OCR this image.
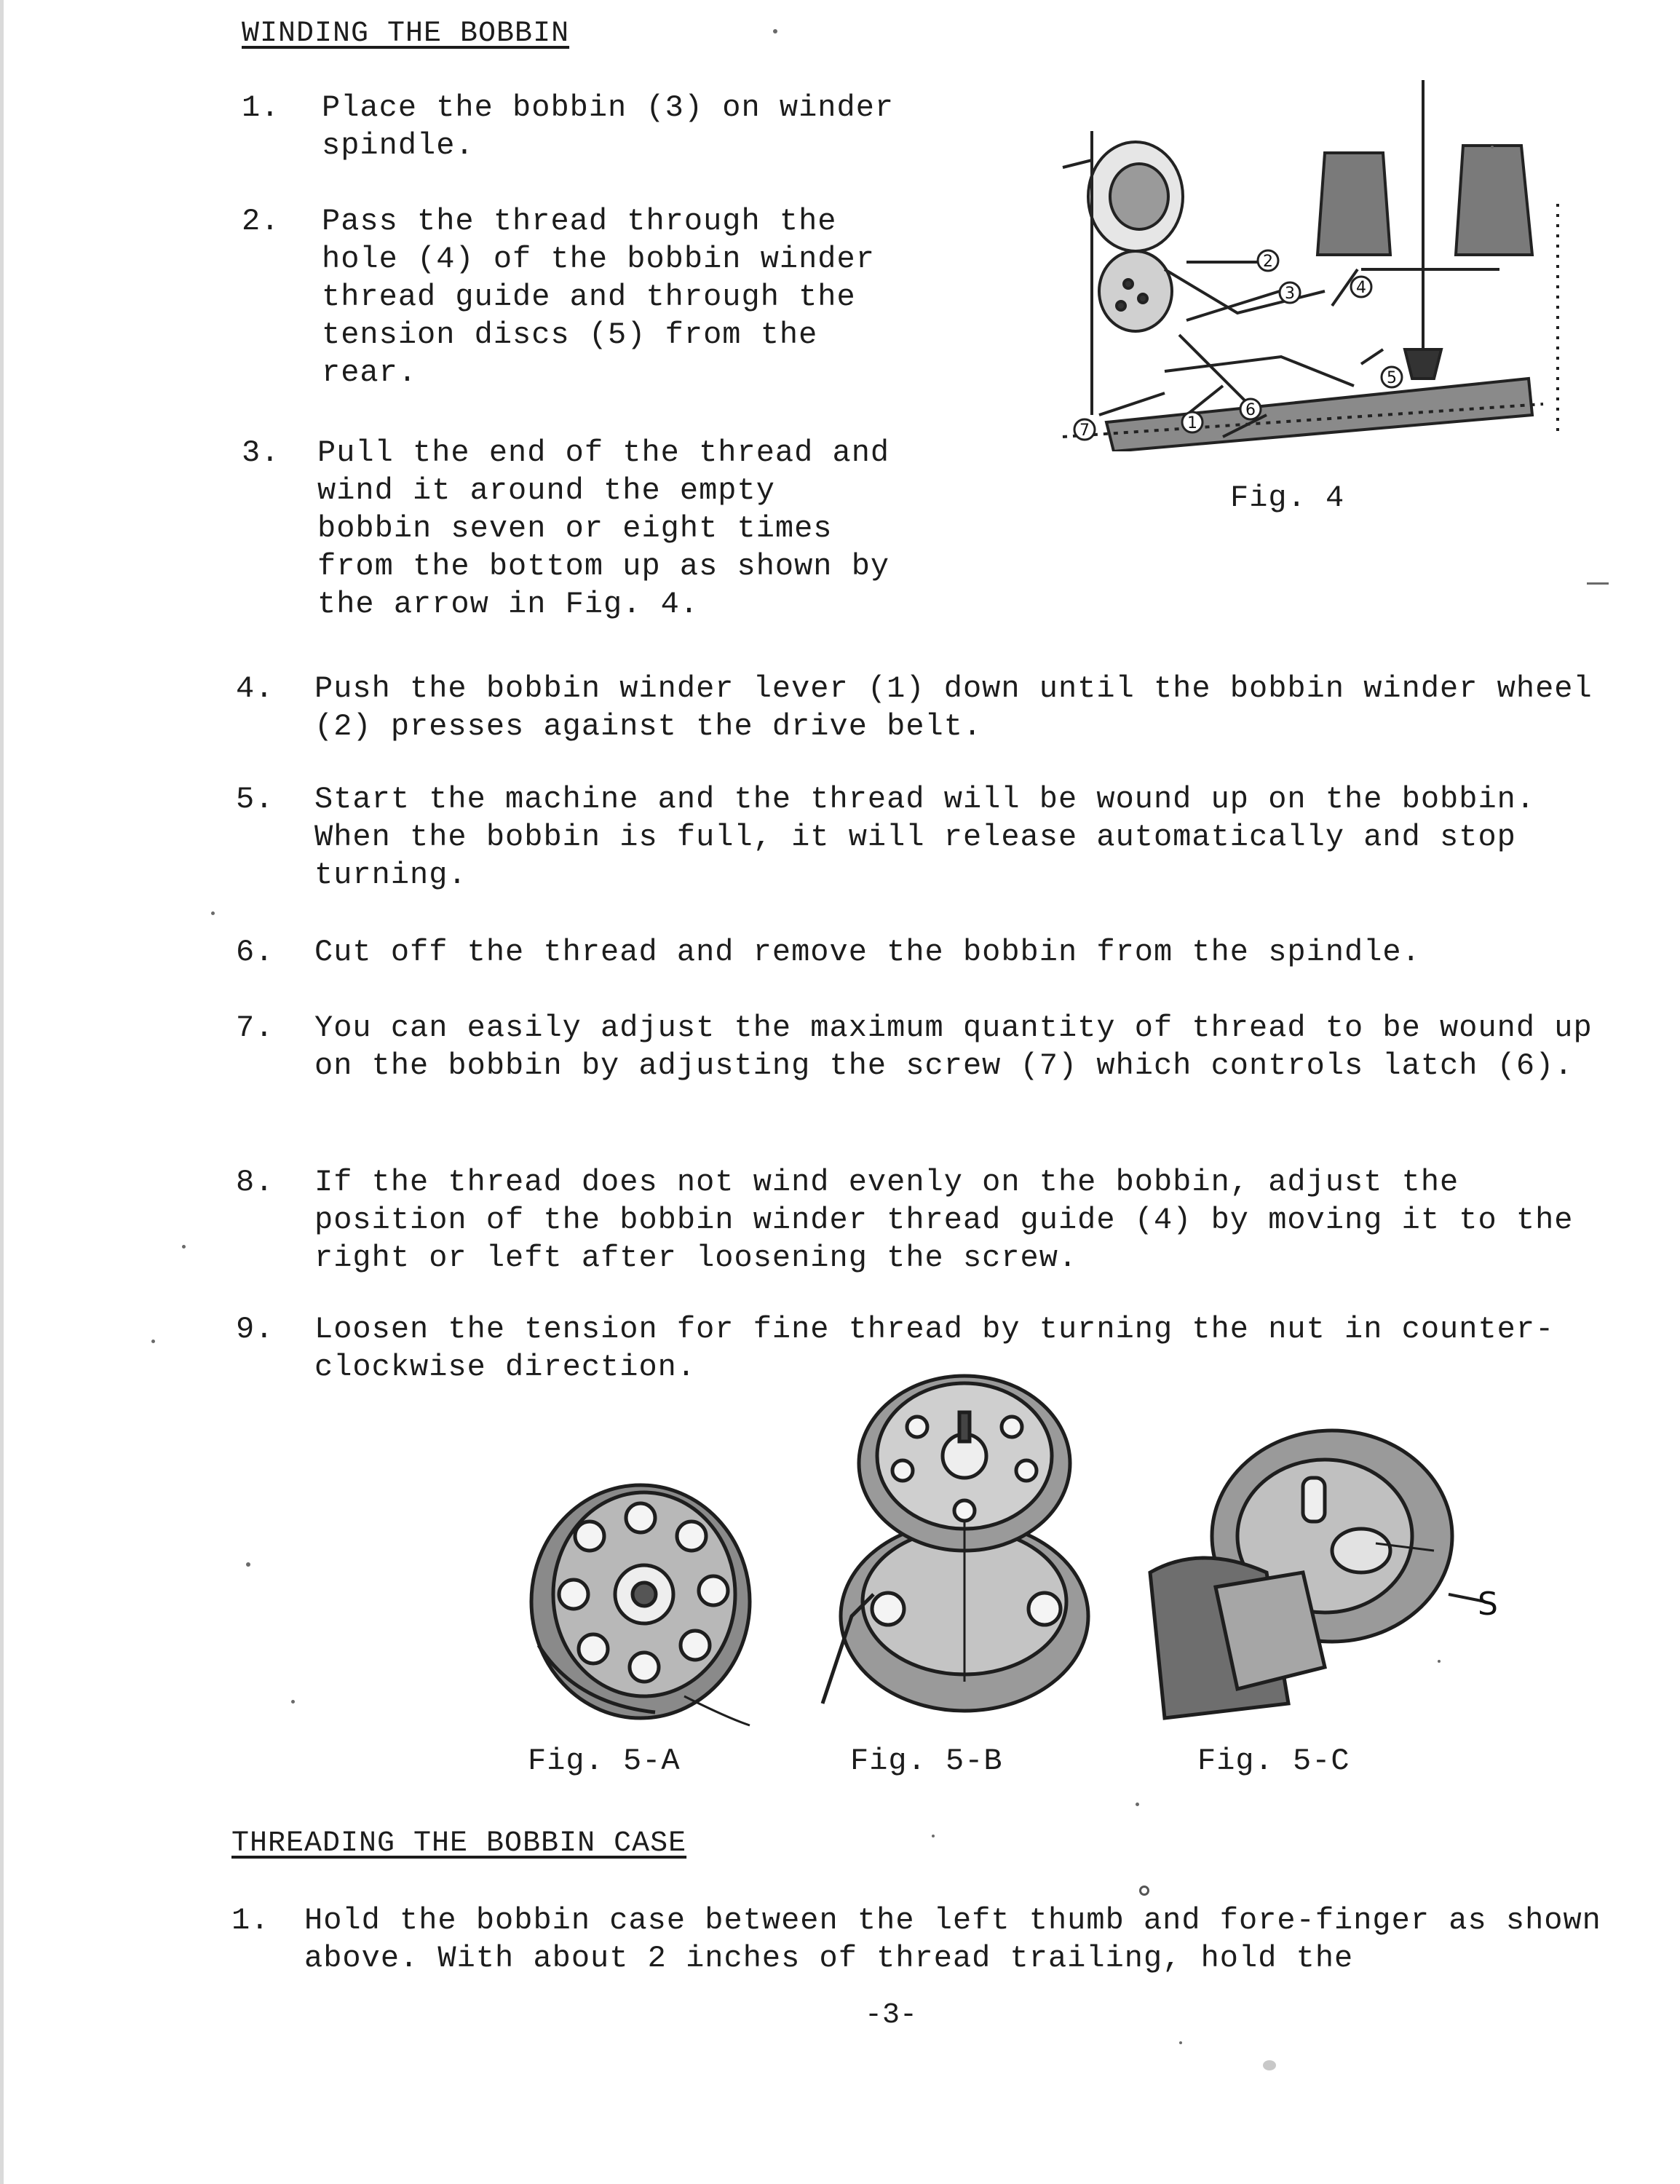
WINDING THE BOBBIN
1. Place the bobbin (3) on winder spindle.
2. Pass the thread through the hole (4) of the bobbin winder thread guide and through the tension discs (5) from the rear.
3. Pull the end of the thread and wind it around the empty bobbin seven or eight times from the bottom up as shown by the arrow in Fig. 4.
7	1
6
2
3	4
5
Fig. 4
4. Push the bobbin winder lever (1) down until the bobbin winder wheel (2) presses against the drive belt.
5. Start the machine and the thread will be wound up on the bobbin. When the bobbin is full, it will release automatically and stop turning.
6. Cut off the thread and remove the bobbin from the spindle.
7. You can easily adjust the maximum quantity of thread to be wound up on the bobbin by adjusting the screw (7) which controls latch (6).
8. If the thread does not wind evenly on the bobbin, adjust the position of the bobbin winder thread guide (4) by moving it to the right or left after loosening the screw.
9. Loosen the tension for fine thread by turning the nut in counter-clockwise direction.
Fig. 5-A	Fig. 5-B
S
Fig. 5-C
THREADING THE BOBBIN CASE
1. Hold the bobbin case between the left thumb and fore-finger as shown above. With about 2 inches of thread trailing, hold the
-3-
